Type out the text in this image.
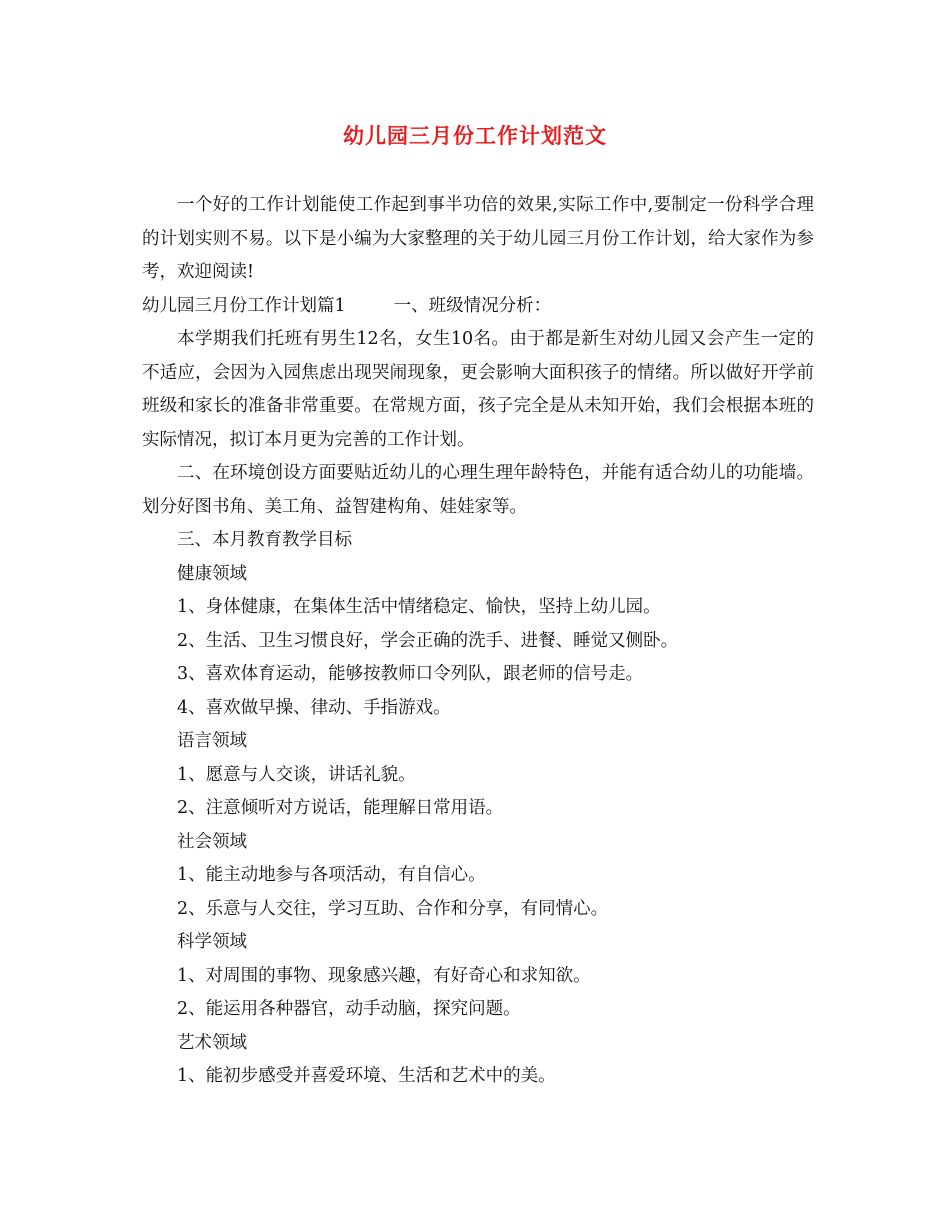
幼儿园三月份工作计划范文

一个好的工作计划能使工作起到事半功倍的效果,实际工作中,要制定一份科学合理的计划实则不易。以下是小编为大家整理的关于幼儿园三月份工作计划，给大家作为参考，欢迎阅读!

幼儿园三月份工作计划篇1	一、班级情况分析：

本学期我们托班有男生12名，女生10名。由于都是新生对幼儿园又会产生一定的不适应，会因为入园焦虑出现哭闹现象，更会影响大面积孩子的情绪。所以做好开学前班级和家长的准备非常重要。在常规方面，孩子完全是从未知开始，我们会根据本班的实际情况，拟订本月更为完善的工作计划。

二、在环境创设方面要贴近幼儿的心理生理年龄特色，并能有适合幼儿的功能墙。划分好图书角、美工角、益智建构角、娃娃家等。

三、本月教育教学目标

健康领域

1、身体健康，在集体生活中情绪稳定、愉快，坚持上幼儿园。

2、生活、卫生习惯良好，学会正确的洗手、进餐、睡觉又侧卧。

3、喜欢体育运动，能够按教师口令列队，跟老师的信号走。

4、喜欢做早操、律动、手指游戏。

语言领域

1、愿意与人交谈，讲话礼貌。

2、注意倾听对方说话，能理解日常用语。

社会领域

1、能主动地参与各项活动，有自信心。

2、乐意与人交往，学习互助、合作和分享，有同情心。

科学领域

1、对周围的事物、现象感兴趣，有好奇心和求知欲。

2、能运用各种器官，动手动脑，探究问题。

艺术领域

1、能初步感受并喜爱环境、生活和艺术中的美。
